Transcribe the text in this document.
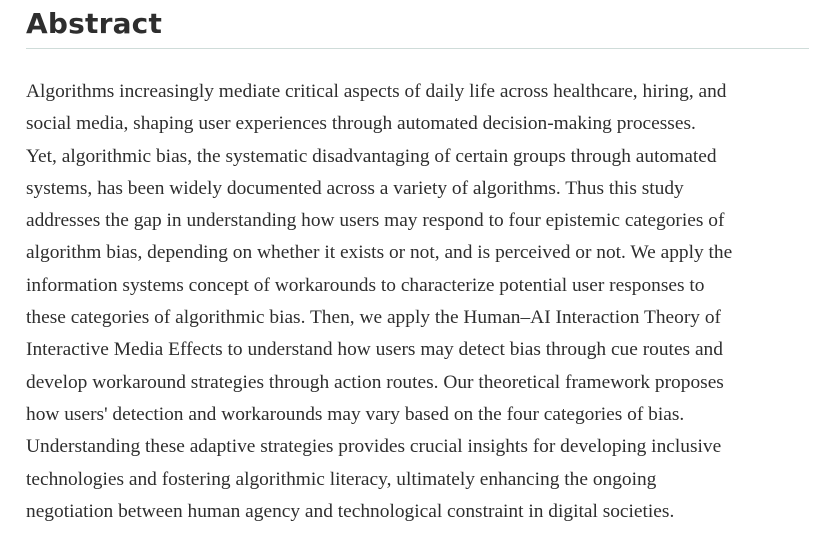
Abstract

Algorithms increasingly mediate critical aspects of daily life across healthcare, hiring, and
social media, shaping user experiences through automated decision-making processes.
Yet, algorithmic bias, the systematic disadvantaging of certain groups through automated
systems, has been widely documented across a variety of algorithms. Thus this study
addresses the gap in understanding how users may respond to four epistemic categories of
algorithm bias, depending on whether it exists or not, and is perceived or not. We apply the
information systems concept of workarounds to characterize potential user responses to
these categories of algorithmic bias. Then, we apply the Human–AI Interaction Theory of
Interactive Media Effects to understand how users may detect bias through cue routes and
develop workaround strategies through action routes. Our theoretical framework proposes
how users' detection and workarounds may vary based on the four categories of bias.
Understanding these adaptive strategies provides crucial insights for developing inclusive
technologies and fostering algorithmic literacy, ultimately enhancing the ongoing
negotiation between human agency and technological constraint in digital societies.
